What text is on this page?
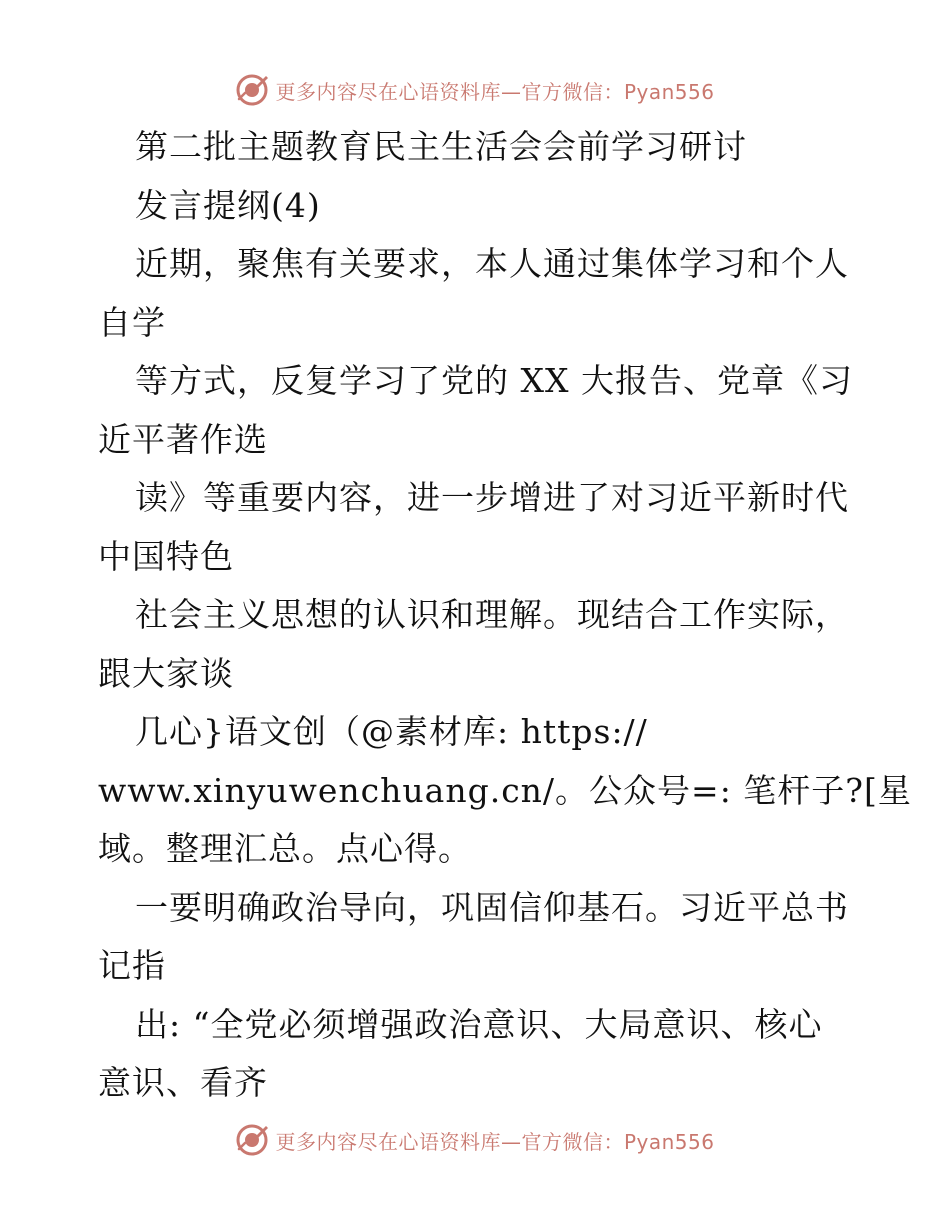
更多内容尽在心语资料库—官方微信：Pyan556
第二批主题教育民主生活会会前学习研讨
发言提纲(4)
近期，聚焦有关要求，本人通过集体学习和个人
自学
等方式，反复学习了党的 XX 大报告、党章《习
近平著作选
读》等重要内容，进一步增进了对习近平新时代
中国特色
社会主义思想的认识和理解。现结合工作实际，
跟大家谈
几心}语文创（@素材库: https://
www.xinyuwenchuang.cn/。公众号=: 笔杆子?[星
域。整理汇总。点心得。
一要明确政治导向，巩固信仰基石。习近平总书
记指
出: “全党必须增强政治意识、大局意识、核心
意识、看齐
更多内容尽在心语资料库—官方微信：Pyan556
